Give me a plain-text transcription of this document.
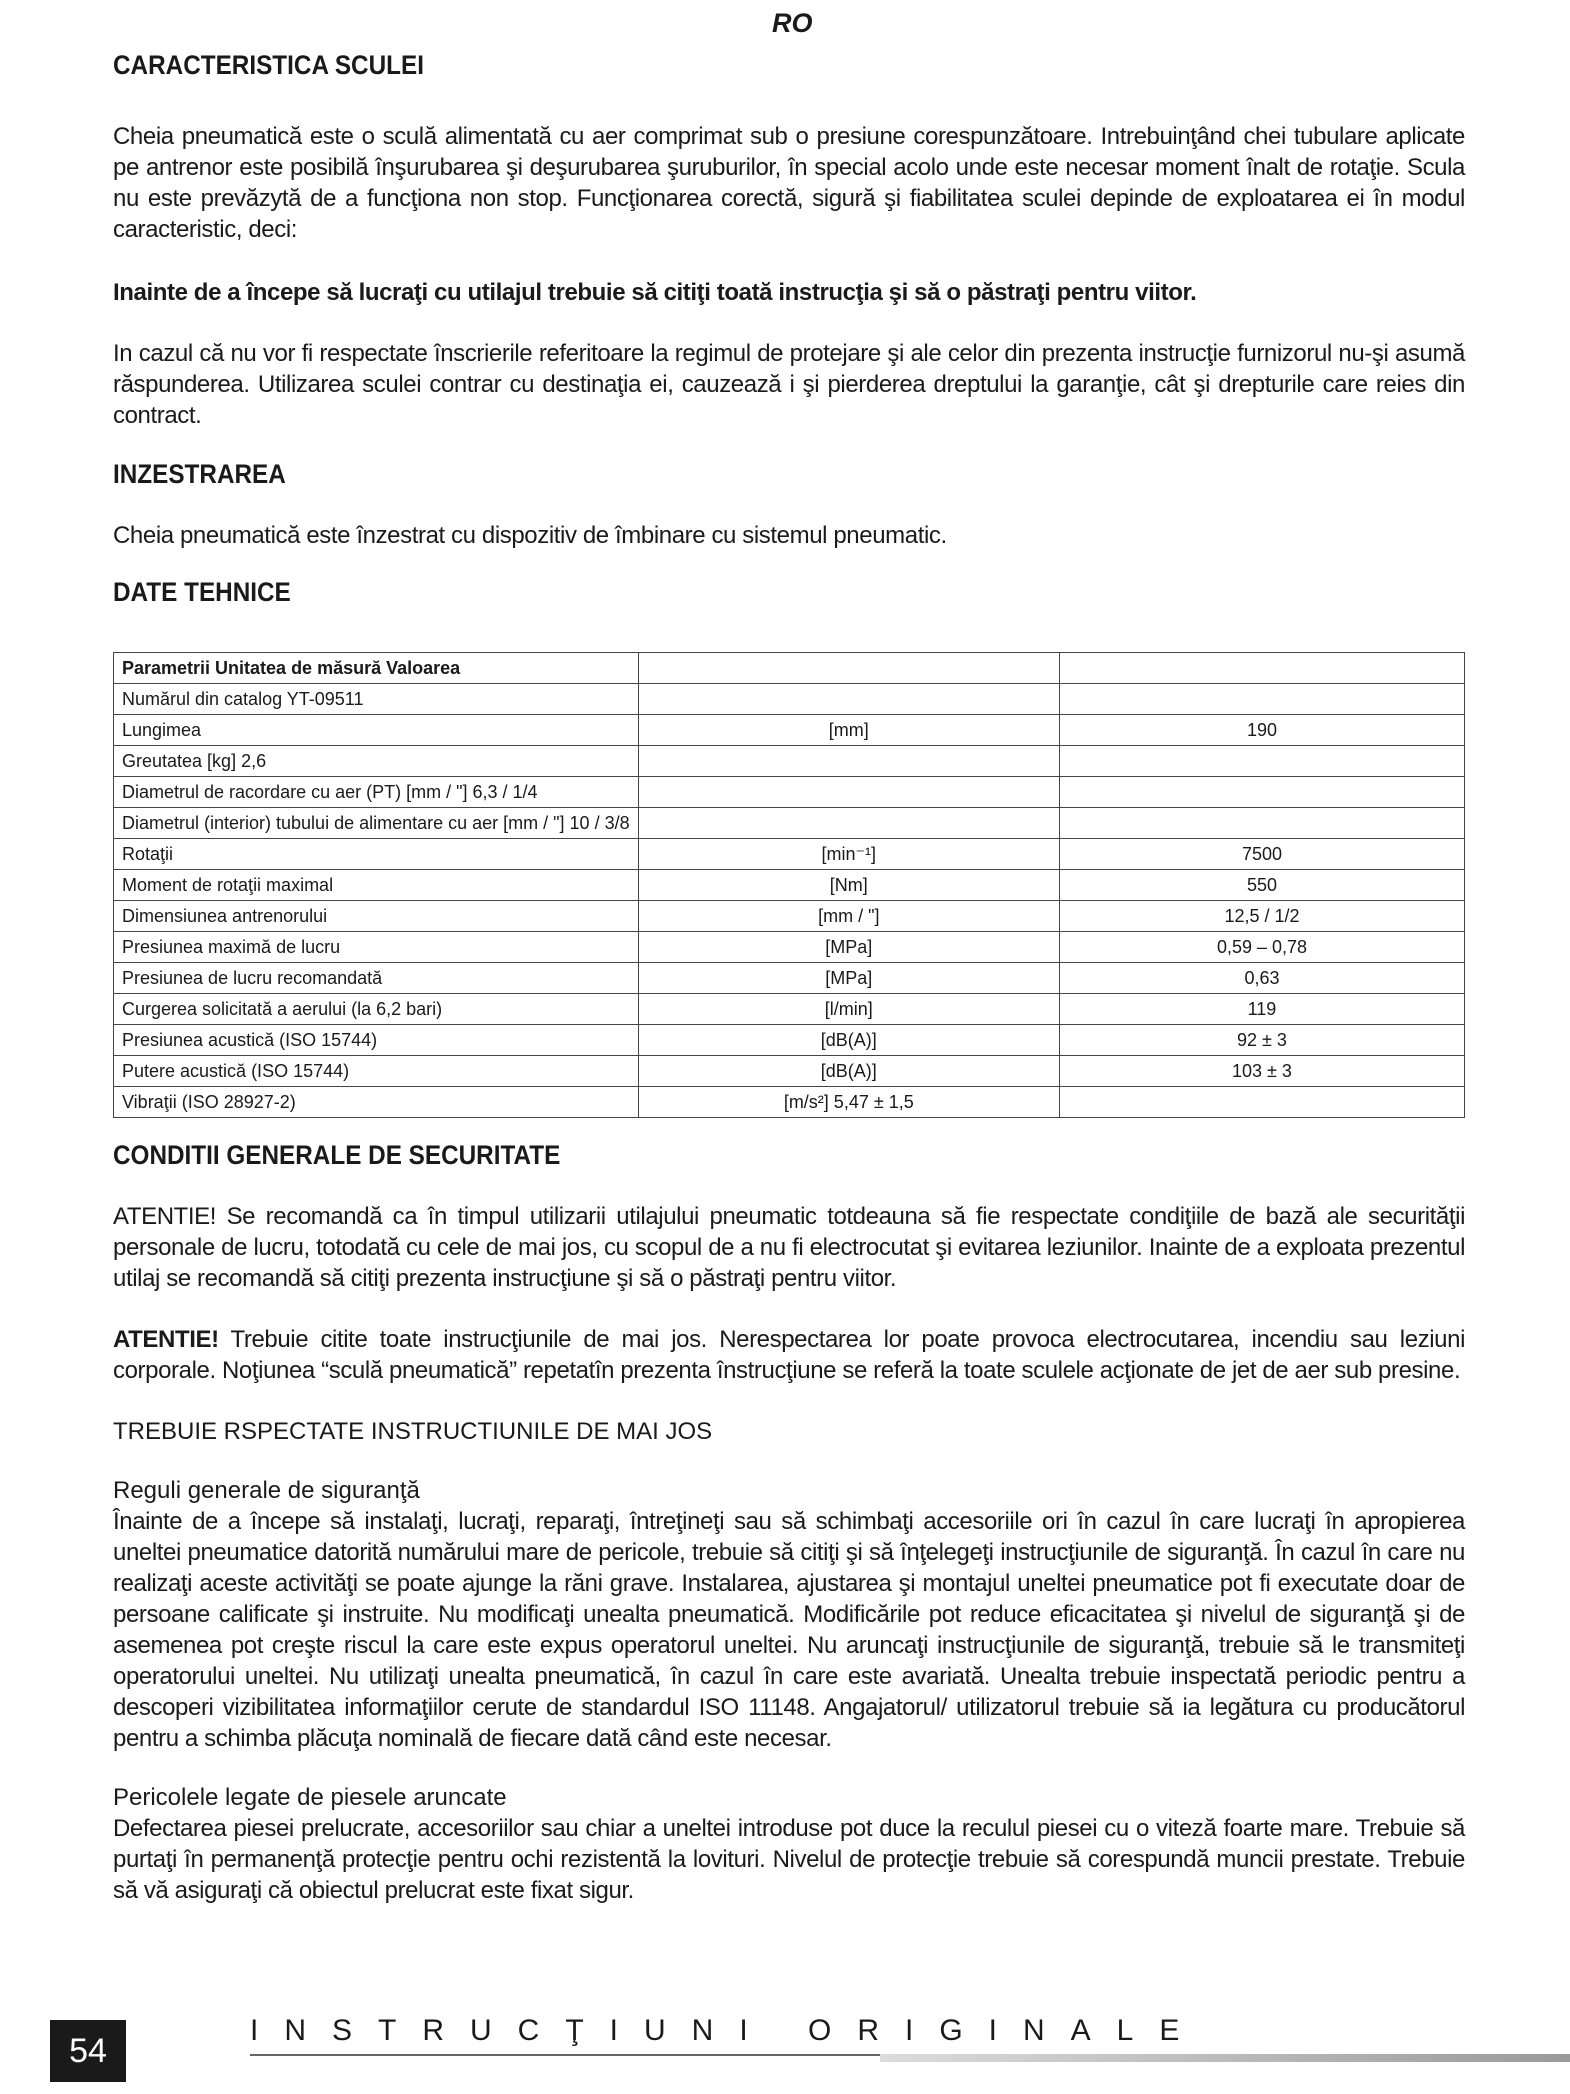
RO
CARACTERISTICA SCULEI

Cheia pneumatică este o sculă alimentată cu aer comprimat sub o presiune corespunzătoare. Intrebuinţând chei tubulare aplicate pe antrenor este posibilă înşurubarea şi deşurubarea şuruburilor, în special acolo unde este necesar moment înalt de rotaţie. Scula nu este prevăzytă de a funcţiona non stop. Funcţionarea corectă, sigură şi fiabilitatea sculei depinde de exploatarea ei în modul caracteristic, deci:

Inainte de a începe să lucraţi cu utilajul trebuie să citiţi toată instrucţia şi să o păstraţi pentru viitor.

In cazul că nu vor fi respectate înscrierile referitoare la regimul de protejare şi ale celor din prezenta instrucţie furnizorul nu-şi asumă răspunderea. Utilizarea sculei contrar cu destinaţia ei, cauzează i şi pierderea dreptului la garanţie, cât şi drepturile care reies din contract.

INZESTRAREA

Cheia pneumatică este înzestrat cu dispozitiv de îmbinare cu sistemul pneumatic.

DATE TEHNICE
Parametrii Unitatea de măsură Valoarea		
Numărul din catalog YT-09511		
Lungimea	[mm]	190
Greutatea [kg] 2,6		
Diametrul de racordare cu aer (PT) [mm / "] 6,3 / 1/4		
Diametrul (interior) tubului de alimentare cu aer [mm / "] 10 / 3/8		
Rotaţii	[min⁻¹]	7500
Moment de rotaţii maximal	[Nm]	550
Dimensiunea antrenorului	[mm / "]	12,5 / 1/2
Presiunea maximă de lucru	[MPa]	0,59 – 0,78
Presiunea de lucru recomandată	[MPa]	0,63
Curgerea solicitată a aerului (la 6,2 bari)	[l/min]	119
Presiunea acustică (ISO 15744)	[dB(A)]	92 ± 3
Putere acustică (ISO 15744)	[dB(A)]	103 ± 3
Vibraţii (ISO 28927-2)	[m/s²] 5,47 ± 1,5	
CONDITII GENERALE DE SECURITATE

ATENTIE! Se recomandă ca în timpul utilizarii utilajului pneumatic totdeauna să fie respectate condiţiile de bază ale securităţii personale de lucru, totodată cu cele de mai jos, cu scopul de a nu fi electrocutat şi evitarea leziunilor. Inainte de a exploata prezentul utilaj se recomandă să citiţi prezenta instrucţiune şi să o păstraţi pentru viitor.

ATENTIE! Trebuie citite toate instrucţiunile de mai jos. Nerespectarea lor poate provoca electrocutarea, incendiu sau leziuni corporale. Noţiunea “sculă pneumatică” repetatîn prezenta înstrucţiune se referă la toate sculele acţionate de jet de aer sub presine.

TREBUIE RSPECTATE INSTRUCTIUNILE DE MAI JOS

Reguli generale de siguranţă

Înainte de a începe să instalaţi, lucraţi, reparaţi, întreţineţi sau să schimbaţi accesoriile ori în cazul în care lucraţi în apropierea uneltei pneumatice datorită numărului mare de pericole, trebuie să citiţi şi să înţelegeţi instrucţiunile de siguranţă. În cazul în care nu realizaţi aceste activităţi se poate ajunge la răni grave. Instalarea, ajustarea şi montajul uneltei pneumatice pot fi executate doar de persoane calificate şi instruite. Nu modificaţi unealta pneumatică. Modificările pot reduce eficacitatea şi nivelul de siguranţă şi de asemenea pot creşte riscul la care este expus operatorul uneltei. Nu aruncaţi instrucţiunile de siguranţă, trebuie să le transmiteţi operatorului uneltei. Nu utilizaţi unealta pneumatică, în cazul în care este avariată. Unealta trebuie inspectată periodic pentru a descoperi vizibilitatea informaţiilor cerute de standardul ISO 11148. Angajatorul/ utilizatorul trebuie să ia legătura cu producătorul pentru a schimba plăcuţa nominală de fiecare dată când este necesar.

Pericolele legate de piesele aruncate

Defectarea piesei prelucrate, accesoriilor sau chiar a uneltei introduse pot duce la reculul piesei cu o viteză foarte mare. Trebuie să purtaţi în permanenţă protecţie pentru ochi rezistentă la lovituri. Nivelul de protecţie trebuie să corespundă muncii prestate. Trebuie să vă asiguraţi că obiectul prelucrat este fixat sigur.

54
INSTRUCŢIUNI ORIGINALE
